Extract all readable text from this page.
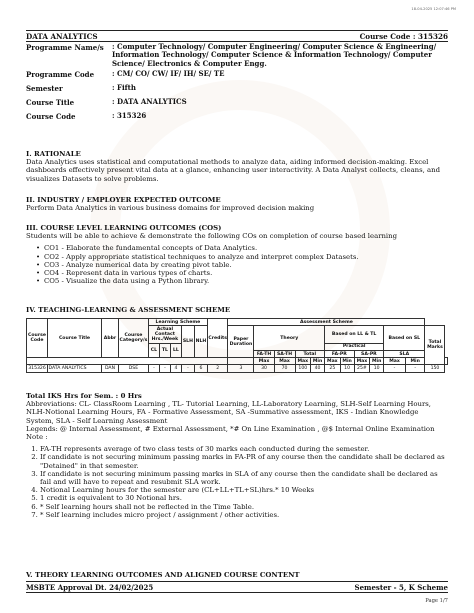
18-04-2025 12:07:46 PM
DATA ANALYTICS	Course Code : 315326
Programme Name/s	: Computer Technology/ Computer Engineering/ Computer Science & Engineering/ Information Technology/ Computer Science & Information Technology/ Computer Science/ Electronics & Computer Engg.
Programme Code	: CM/ CO/ CW/ IF/ IH/ SE/ TE
Semester	: Fifth
Course Title	: DATA ANALYTICS
Course Code	: 315326
I. RATIONALE
Data Analytics uses statistical and computational methods to analyze data, aiding informed decision-making. Excel dashboards effectively present vital data at a glance, enhancing user interactivity. A Data Analyst collects, cleans, and visualizes Datasets to solve problems.
II. INDUSTRY / EMPLOYER EXPECTED OUTCOME
Perform Data Analytics in various business domains for improved decision making
III. COURSE LEVEL LEARNING OUTCOMES (COS)
Students will be able to achieve & demonstrate the following COs on completion of course based learning
• CO1 - Elaborate the fundamental concepts of Data Analytics.
• CO2 - Apply appropriate statistical techniques to analyze and interpret complex Datasets.
• CO3 - Analyze numerical data by creating pivot table.
• CO4 - Represent data in various types of charts.
• CO5 - Visualize the data using a Python library.
IV. TEACHING-LEARNING & ASSESSMENT SCHEME
Course Code	Course Title	Abbr	Course Category/s	Learning Scheme					Credits	Assessment Scheme												
				Actual Contact Hrs./Week			SLH	NLH		Paper Duration	Theory				Based on LL & TL				Based on SL		Total Marks	
				CL	TL	LL									Practical							
											FA-TH	SA-TH	Total		FA-PR		SA-PR		SLA			
											Max	Max	Max	Min	Max	Min	Max	Min	Max	Min		
315326	DATA ANALYTICS	DAN	DSE	-	-	4	-	6	2	3	30	70	100	40	25	10	25#	10	-	-	150	
Total IKS Hrs for Sem. : 0 Hrs
Abbreviations: CL- ClassRoom Learning , TL- Tutorial Learning, LL-Laboratory Learning, SLH-Self Learning Hours, NLH-Notional Learning Hours, FA - Formative Assessment, SA -Summative assessment, IKS - Indian Knowledge System, SLA - Self Learning Assessment
Legends: @ Internal Assessment, # External Assessment, *# On Line Examination , @$ Internal Online Examination
Note :
1. FA-TH represents average of two class tests of 30 marks each conducted during the semester.
2. If candidate is not securing minimum passing marks in FA-PR of any course then the candidate shall be declared as "Detained" in that semester.
3. If candidate is not securing minimum passing marks in SLA of any course then the candidate shall be declared as fail and will have to repeat and resubmit SLA work.
4. Notional Learning hours for the semester are (CL+LL+TL+SL)hrs.* 10 Weeks
5. 1 credit is equivalent to 30 Notional hrs.
6. * Self learning hours shall not be reflected in the Time Table.
7. * Self learning includes micro project / assignment / other activities.
V. THEORY LEARNING OUTCOMES AND ALIGNED COURSE CONTENT
MSBTE Approval Dt. 24/02/2025	Semester - 5, K Scheme
Page 1/7
